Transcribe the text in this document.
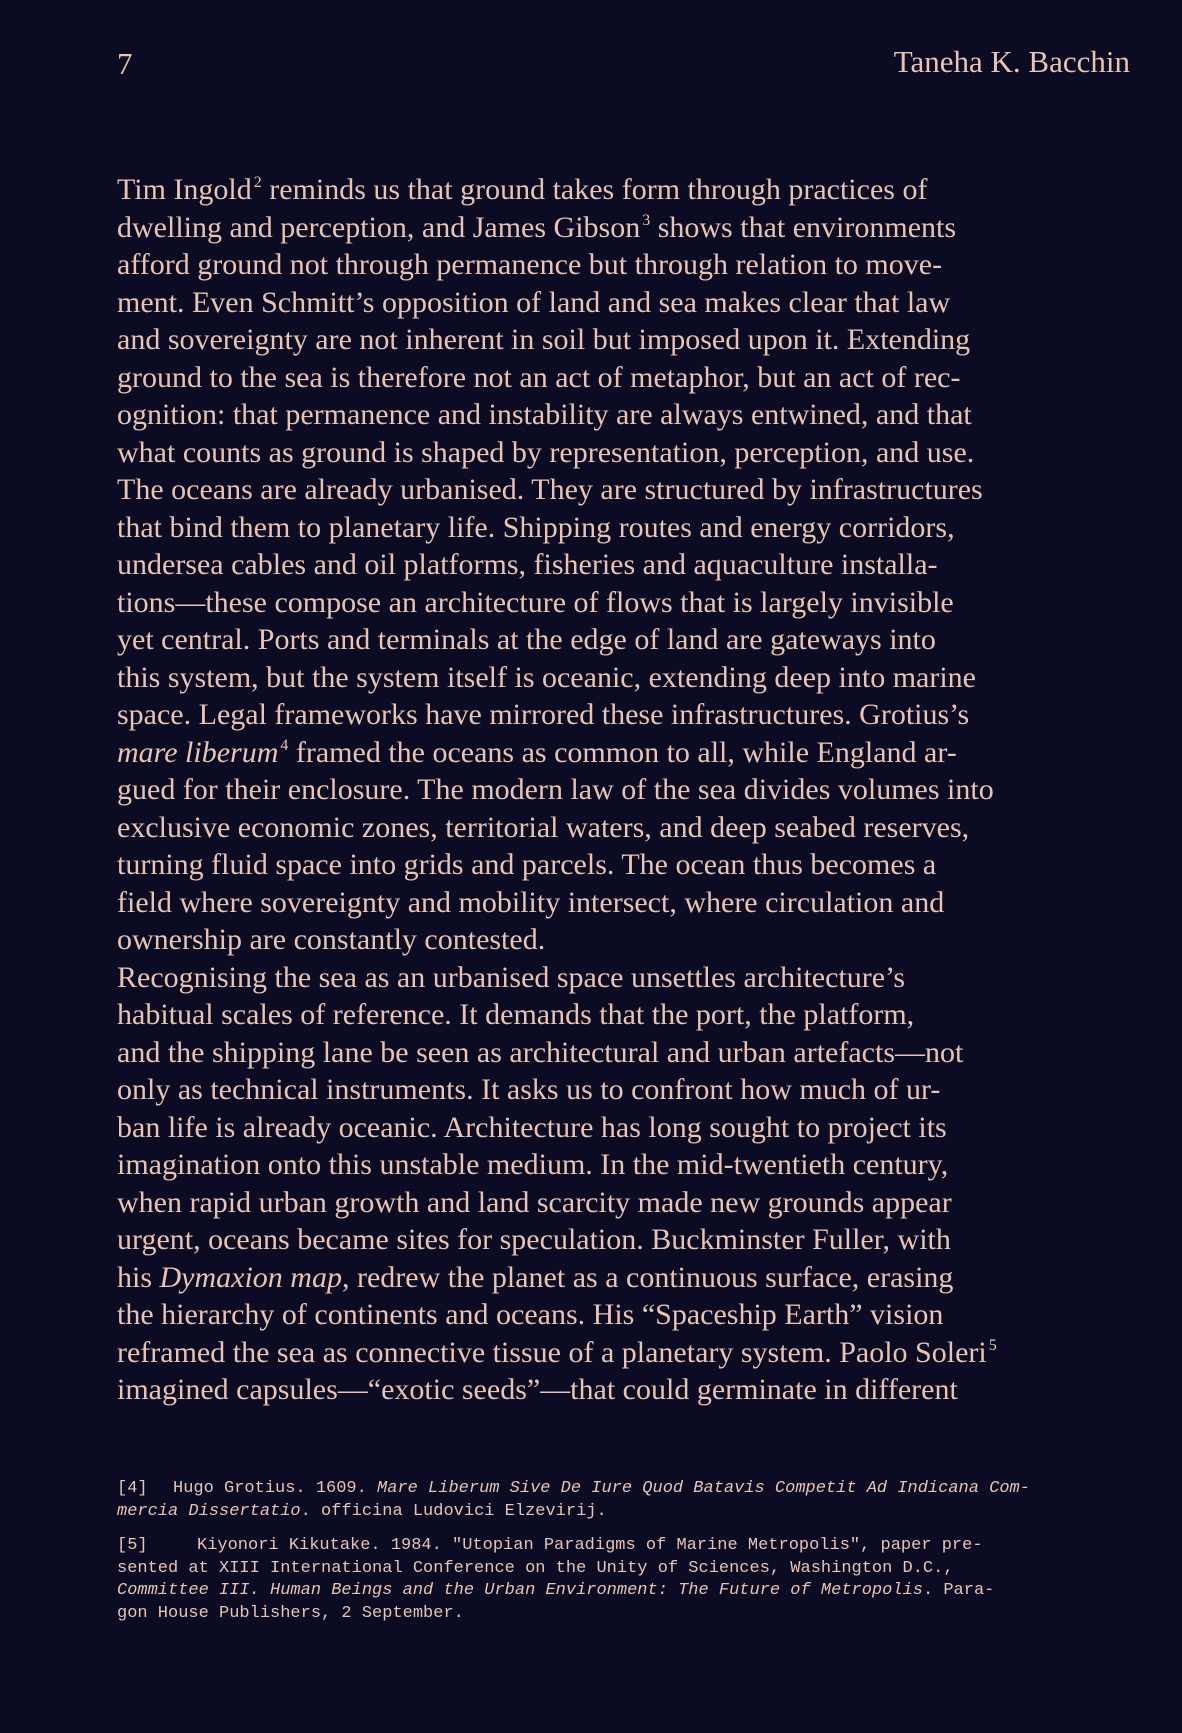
7	Taneha K. Bacchin
Tim Ingold $^2$ reminds us that ground takes form through practices of
dwelling and perception, and James Gibson $^3$ shows that environments
afford ground not through permanence but through relation to move-
ment. Even Schmitt’s opposition of land and sea makes clear that law
and sovereignty are not inherent in soil but imposed upon it. Extending
ground to the sea is therefore not an act of metaphor, but an act of rec-
ognition: that permanence and instability are always entwined, and that
what counts as ground is shaped by representation, perception, and use.
The oceans are already urbanised. They are structured by infrastructures
that bind them to planetary life. Shipping routes and energy corridors,
undersea cables and oil platforms, fisheries and aquaculture installa-
tions—these compose an architecture of flows that is largely invisible
yet central. Ports and terminals at the edge of land are gateways into
this system, but the system itself is oceanic, extending deep into marine
space. Legal frameworks have mirrored these infrastructures. Grotius’s
mare liberum $^4$ framed the oceans as common to all, while England ar-
gued for their enclosure. The modern law of the sea divides volumes into
exclusive economic zones, territorial waters, and deep seabed reserves,
turning fluid space into grids and parcels. The ocean thus becomes a
field where sovereignty and mobility intersect, where circulation and
ownership are constantly contested.
Recognising the sea as an urbanised space unsettles architecture’s
habitual scales of reference. It demands that the port, the platform,
and the shipping lane be seen as architectural and urban artefacts—not
only as technical instruments. It asks us to confront how much of ur-
ban life is already oceanic. Architecture has long sought to project its
imagination onto this unstable medium. In the mid-twentieth century,
when rapid urban growth and land scarcity made new grounds appear
urgent, oceans became sites for speculation. Buckminster Fuller, with
his Dymaxion map, redrew the planet as a continuous surface, erasing
the hierarchy of continents and oceans. His “Spaceship Earth” vision
reframed the sea as connective tissue of a planetary system. Paolo Soleri $^5$
imagined capsules—“exotic seeds”—that could germinate in different
[4] Hugo Grotius. 1609. Mare Liberum Sive De Iure Quod Batavis Competit Ad Indicana Com-
mercia Dissertatio. officina Ludovici Elzevirij.
[5]	Kiyonori Kikutake. 1984. "Utopian Paradigms of Marine Metropolis", paper pre-
sented at XIII International Conference on the Unity of Sciences, Washington D.C.,
Committee III. Human Beings and the Urban Environment: The Future of Metropolis. Para-
gon House Publishers, 2 September.
